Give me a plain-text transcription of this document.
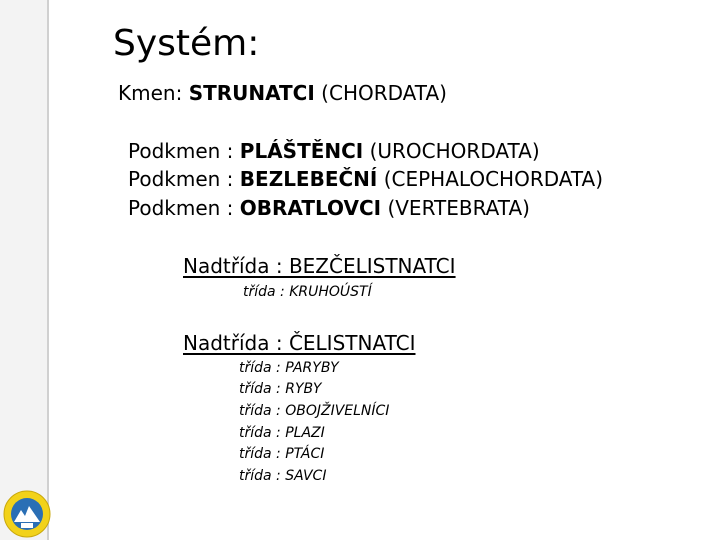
Systém:
Kmen: STRUNATCI (CHORDATA)
Podkmen : PLÁŠTĚNCI (UROCHORDATA)
Podkmen : BEZLEBEČNÍ (CEPHALOCHORDATA)
Podkmen : OBRATLOVCI (VERTEBRATA)
Nadtřída : BEZČELISTNATCI
třída : KRUHOÚSTÍ
Nadtřída : ČELISTNATCI
třída : PARYBY
třída : RYBY
třída : OBOJŽIVELNÍCI
třída : PLAZI
třída : PTÁCI
třída : SAVCI
